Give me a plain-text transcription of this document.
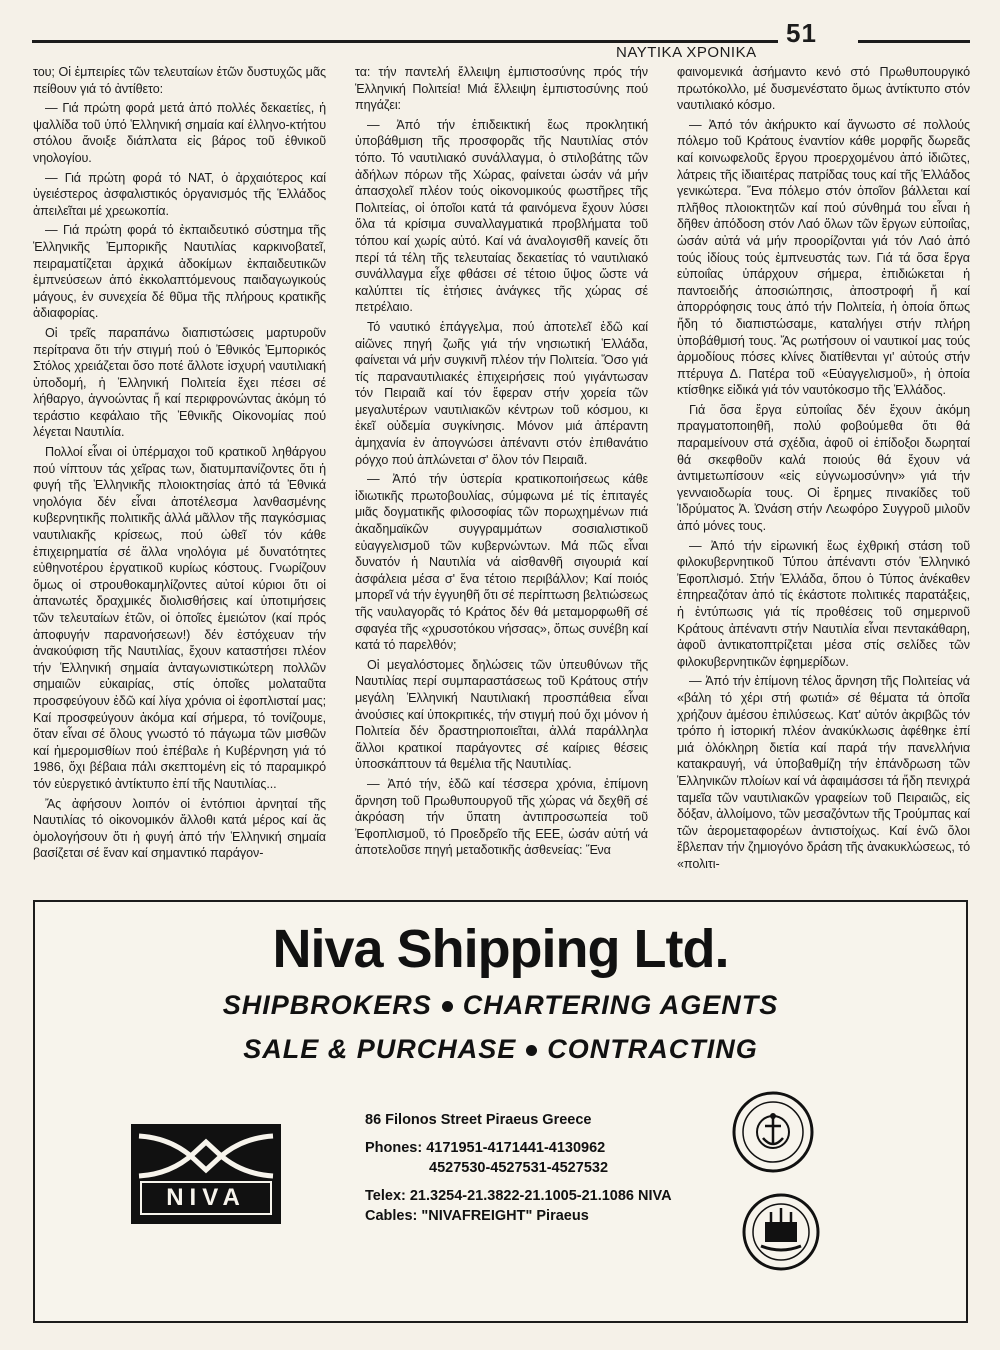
51
ΝΑΥΤΙΚΑ ΧΡΟΝΙΚΑ

του; Οἱ ἐμπειρίες τῶν τελευταίων ἐτῶν δυστυχῶς μᾶς πείθουν γιά τό ἀντίθετο:

— Γιά πρώτη φορά μετά ἀπό πολλές δεκαετίες, ἡ ψαλλίδα τοῦ ὑπό Ἑλληνική σημαία καί ἑλληνο-κτήτου στόλου ἄνοιξε διάπλατα εἰς βάρος τοῦ ἐθνικοῦ νηολογίου.

— Γιά πρώτη φορά τό ΝΑΤ, ὁ ἀρχαιότερος καί ὑγειέστερος ἀσφαλιστικός ὀργανισμός τῆς Ἑλλάδος ἀπειλεῖται μέ χρεωκοπία.

— Γιά πρώτη φορά τό ἐκπαιδευτικό σύστημα τῆς Ἑλληνικῆς Ἐμπορικῆς Ναυτιλίας καρκινοβατεῖ, πειραματίζεται ἀρχικά ἀδοκίμων ἐκπαιδευτικῶν ἐμπνεύσεων ἀπό ἐκκολαπτόμενους παιδαγωγικούς μάγους, ἐν συνεχεία δέ θῦμα τῆς πλήρους κρατικῆς ἀδιαφορίας.

Οἱ τρεῖς παραπάνω διαπιστώσεις μαρτυροῦν περίτρανα ὅτι τήν στιγμή πού ὁ Ἐθνικός Ἐμπορικός Στόλος χρειάζεται ὅσο ποτέ ἄλλοτε ἰσχυρή ναυτιλιακή ὑποδομή, ἡ Ἑλληνική Πολιτεία ἔχει πέσει σέ λήθαργο, ἀγνοώντας ἤ καί περιφρονώντας ἀκόμη τό τεράστιο κεφάλαιο τῆς Ἐθνικῆς Οἰκονομίας πού λέγεται Ναυτιλία.

Πολλοί εἶναι οἱ ὑπέρμαχοι τοῦ κρατικοῦ ληθάργου πού νίπτουν τάς χεῖρας των, διατυμπανίζοντες ὅτι ἡ φυγή τῆς Ἑλληνικῆς πλοιοκτησίας ἀπό τά Ἐθνικά νηολόγια δέν εἶναι ἀποτέλεσμα λανθασμένης κυβερνητικῆς πολιτικῆς ἀλλά μᾶλλον τῆς παγκόσμιας ναυτιλιακῆς κρίσεως, πού ὠθεῖ τόν κάθε ἐπιχειρηματία σέ ἄλλα νηολόγια μέ δυνατότητες εὐθηνοτέρου ἐργατικοῦ κυρίως κόστους. Γνωρίζουν ὅμως οἱ στρουθοκαμηλίζοντες αὐτοί κύριοι ὅτι οἱ ἀπανωτές δραχμικές διολισθήσεις καί ὑποτιμήσεις τῶν τελευταίων ἐτῶν, οἱ ὁποῖες ἐμειώτον (καί πρός ἀποφυγήν παρανοήσεων!) δέν ἐστόχευαν τήν ἀνακούφιση τῆς Ναυτιλίας, ἔχουν καταστήσει πλέον τήν Ἑλληνική σημαία ἀνταγωνιστικώτερη πολλῶν σημαιῶν εὐκαιρίας, στίς ὁποῖες μολαταῦτα προσφεύγουν ἐδῶ καί λίγα χρόνια οἱ ἐφοπλισταί μας; Καί προσφεύγουν ἀκόμα καί σήμερα, τό τονίζουμε, ὅταν εἶναι σέ ὅλους γνωστό τό πάγωμα τῶν μισθῶν καί ἡμερομισθίων πού ἐπέβαλε ἡ Κυβέρνηση γιά τό 1986, ὅχι βέβαια πάλι σκεπτομένη εἰς τό παραμικρό τόν εὐεργετικό ἀντίκτυπο ἐπί τῆς Ναυτιλίας...

Ἄς ἀφήσουν λοιπόν οἱ ἐντόπιοι ἀρνηταί τῆς Ναυτιλίας τό οἰκονομικόν ἄλλοθι κατά μέρος καί ἄς ὁμολογήσουν ὅτι ἡ φυγή ἀπό τήν Ἑλληνική σημαία βασίζεται σέ ἕναν καί σημαντικό παράγον-

τα: τήν παντελή ἔλλειψη ἐμπιστοσύνης πρός τήν Ἑλληνική Πολιτεία! Μιά ἔλλειψη ἐμπιστοσύνης πού πηγάζει:

— Ἀπό τήν ἐπιδεικτική ἕως προκλητική ὑποβάθμιση τῆς προσφορᾶς τῆς Ναυτιλίας στόν τόπο. Τό ναυτιλιακό συνάλλαγμα, ὁ στιλοβάτης τῶν ἀδήλων πόρων τῆς Χώρας, φαίνεται ὡσάν νά μήν ἀπασχολεῖ πλέον τούς οἰκονομικούς φωστῆρες τῆς Πολιτείας, οἱ ὁποῖοι κατά τά φαινόμενα ἔχουν λύσει ὅλα τά κρίσιμα συναλλαγματικά προβλήματα τοῦ τόπου καί χωρίς αὐτό. Καί νά ἀναλογισθῆ κανείς ὅτι περί τά τέλη τῆς τελευταίας δεκαετίας τό ναυτιλιακό συνάλλαγμα εἶχε φθάσει σέ τέτοιο ὕψος ὥστε νά καλύπτει τίς ἐτήσιες ἀνάγκες τῆς χώρας σέ πετρέλαιο.

Τό ναυτικό ἐπάγγελμα, πού ἀποτελεῖ ἐδῶ καί αἰῶνες πηγή ζωῆς γιά τήν νησιωτική Ἑλλάδα, φαίνεται νά μήν συγκινῆ πλέον τήν Πολιτεία. Ὅσο γιά τίς παραναυτιλιακές ἐπιχειρήσεις πού γιγάντωσαν τόν Πειραιᾶ καί τόν ἔφεραν στήν χορεία τῶν μεγαλυτέρων ναυτιλιακῶν κέντρων τοῦ κόσμου, κι ἐκεῖ οὐδεμία συγκίνησις. Μόνον μιά ἀπέραντη ἀμηχανία ἐν ἀπογνώσει ἀπέναντι στόν ἐπιθανάτιο ρόγχο πού ἁπλώνεται σ' ὅλον τόν Πειραιᾶ.

— Ἀπό τήν ὑστερία κρατικοποιήσεως κάθε ἰδιωτικῆς πρωτοβουλίας, σύμφωνα μέ τίς ἐπιταγές μιᾶς δογματικῆς φιλοσοφίας τῶν πορωχημένων πιά ἀκαδημαϊκῶν συγγραμμάτων σοσιαλιστικοῦ εὐαγγελισμοῦ τῶν κυβερνώντων. Μά πῶς εἶναι δυνατόν ἡ Ναυτιλία νά αἰσθανθῆ σιγουριά καί ἀσφάλεια μέσα σ' ἕνα τέτοιο περιβάλλον; Καί ποιός μπορεῖ νά τήν ἐγγυηθῆ ὅτι σέ περίπτωση βελτιώσεως τῆς ναυλαγορᾶς τό Κράτος δέν θά μεταμορφωθῆ σέ σφαγέα τῆς «χρυσοτόκου νήσσας», ὅπως συνέβη καί κατά τό παρελθόν;

Οἱ μεγαλόστομες δηλώσεις τῶν ὑπευθύνων τῆς Ναυτιλίας περί συμπαραστάσεως τοῦ Κράτους στήν μεγάλη Ἑλληνική Ναυτιλιακή προσπάθεια εἶναι ἀνούσιες καί ὑποκριτικές, τήν στιγμή πού ὄχι μόνον ἡ Πολιτεία δέν δραστηριοποιεῖται, ἀλλά παράλληλα ἄλλοι κρατικοί παράγοντες σέ καίριες θέσεις ὑποσκάπτουν τά θεμέλια τῆς Ναυτιλίας.

— Ἀπό τήν, ἐδῶ καί τέσσερα χρόνια, ἐπίμονη ἄρνηση τοῦ Πρωθυπουργοῦ τῆς χώρας νά δεχθῆ σέ ἀκρόαση τήν ὕπατη ἀντιπροσωπεία τοῦ Ἐφοπλισμοῦ, τό Προεδρεῖο τῆς ΕΕΕ, ὡσάν αὐτή νά ἀποτελοῦσε πηγή μεταδοτικῆς ἀσθενείας: Ἕνα

φαινομενικά ἀσήμαντο κενό στό Πρωθυπουργικό πρωτόκολλο, μέ δυσμενέστατο ὅμως ἀντίκτυπο στόν ναυτιλιακό κόσμο.

— Ἀπό τόν ἀκήρυκτο καί ἄγνωστο σέ πολλούς πόλεμο τοῦ Κράτους ἐναντίον κάθε μορφῆς δωρεᾶς καί κοινωφελοῦς ἔργου προερχομένου ἀπό ἰδιῶτες, λάτρεις τῆς ἰδιαιτέρας πατρίδας τους καί τῆς Ἑλλάδος γενικώτερα. Ἕνα πόλεμο στόν ὁποῖον βάλλεται καί πλῆθος πλοιοκτητῶν καί πού σύνθημά του εἶναι ἡ δῆθεν ἀπόδοση στόν Λαό ὅλων τῶν ἔργων εὐποιΐας, ὡσάν αὐτά νά μήν προορίζονται γιά τόν Λαό ἀπό τούς ἰδίους τούς ἐμπνευστάς των. Γιά τά ὅσα ἔργα εὐποιΐας ὑπάρχουν σήμερα, ἐπιδιώκεται ἡ παντοειδής ἀποσιώπησις, ἀποστροφή ἤ καί ἀπορρόφησις τους ἀπό τήν Πολιτεία, ἡ ὁποία ὅπως ἤδη τό διαπιστώσαμε, καταλήγει στήν πλήρη ὑποβάθμισή τους. Ἄς ρωτήσουν οἱ ναυτικοί μας τούς ἁρμοδίους πόσες κλίνες διατίθενται γι' αὐτούς στήν πτέρυγα Δ. Πατέρα τοῦ «Εὐαγγελισμοῦ», ἡ ὁποία κτίσθηκε εἰδικά γιά τόν ναυτόκοσμο τῆς Ἑλλάδος.

Γιά ὅσα ἔργα εὐποιΐας δέν ἔχουν ἀκόμη πραγματοποιηθῆ, πολύ φοβούμεθα ὅτι θά παραμείνουν στά σχέδια, ἀφοῦ οἱ ἐπίδοξοι δωρηταί θά σκεφθοῦν καλά ποιούς θά ἔχουν νά ἀντιμετωπίσουν «εἰς εὐγνωμοσύνην» γιά τήν γενναιοδωρία τους. Οἱ ἔρημες πινακίδες τοῦ Ἱδρύματος Ἀ. Ὠνάση στήν Λεωφόρο Συγγροῦ μιλοῦν ἀπό μόνες τους.

— Ἀπό τήν εἰρωνική ἕως ἐχθρική στάση τοῦ φιλοκυβερνητικοῦ Τύπου ἀπέναντι στόν Ἑλληνικό Ἐφοπλισμό. Στήν Ἑλλάδα, ὅπου ὁ Τύπος ἀνέκαθεν ἐπηρεαζόταν ἀπό τίς ἑκάστοτε πολιτικές παρατάξεις, ἡ ἐντύπωσις γιά τίς προθέσεις τοῦ σημερινοῦ Κράτους ἀπέναντι στήν Ναυτιλία εἶναι πεντακάθαρη, ἀφοῦ ἀντικατοπτρίζεται μέσα στίς σελίδες τῶν φιλοκυβερνητικῶν ἐφημερίδων.

— Ἀπό τήν ἐπίμονη τέλος ἄρνηση τῆς Πολιτείας νά «βάλη τό χέρι στή φωτιά» σέ θέματα τά ὁποῖα χρήζουν ἀμέσου ἐπιλύσεως. Κατ' αὐτόν ἀκριβῶς τόν τρόπο ἡ ἱστορική πλέον ἀνακύκλωσις ἀφέθηκε ἐπί μιά ὁλόκληρη διετία καί παρά τήν πανελλήνια κατακραυγή, νά ὑποβαθμίζη τήν ἐπάνδρωση τῶν Ἑλληνικῶν πλοίων καί νά ἀφαιμάσσει τά ἤδη πενιχρά ταμεῖα τῶν ναυτιλιακῶν γραφείων τοῦ Πειραιῶς, εἰς δόξαν, ἀλλοίμονο, τῶν μεσαζόντων τῆς Τρούμπας καί τῶν ἀερομεταφορέων ἀντιστοίχως. Καί ἐνῶ ὅλοι ἔβλεπαν τήν ζημιογόνο δράση τῆς ἀνακυκλώσεως, τό «πολιτι-

Niva Shipping Ltd.
SHIPBROKERS CHARTERING AGENTS
SALE & PURCHASE CONTRACTING
NIVA
86 Filonos Street Piraeus Greece
Phones: 4171951-4171441-4130962
4527530-4527531-4527532
Telex: 21.3254-21.3822-21.1005-21.1086 NIVA
Cables: "NIVAFREIGHT" Piraeus
